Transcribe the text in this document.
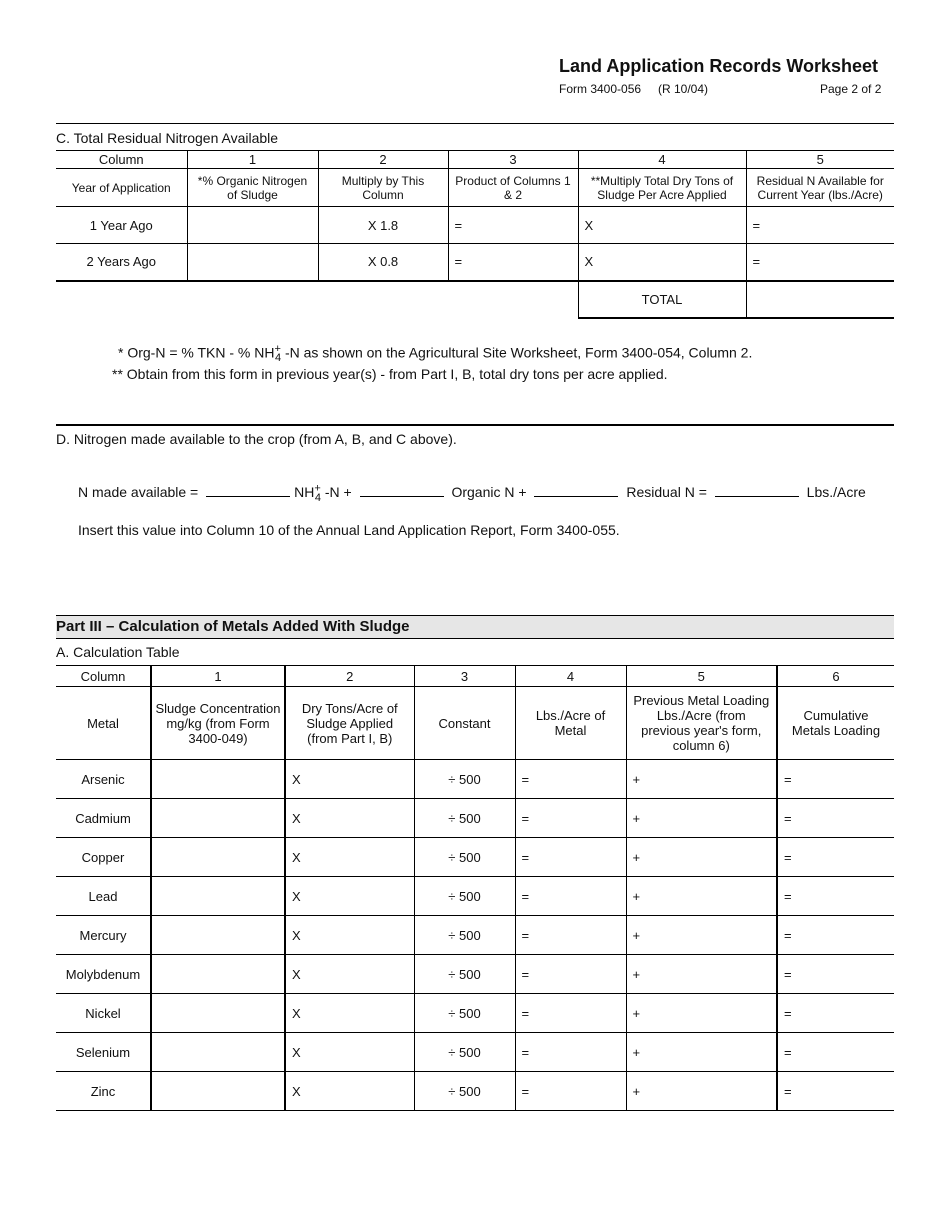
Land Application Records Worksheet
Form 3400-056 (R 10/04)	Page 2 of 2
C. Total Residual Nitrogen Available
Column	1	2	3	4	5
Year of Application	*% Organic Nitrogen of Sludge	Multiply by This Column	Product of Columns 1 & 2	**Multiply Total Dry Tons of Sludge Per Acre Applied	Residual N Available for Current Year (lbs./Acre)
1 Year Ago		X 1.8	=	X	=
2 Years Ago		X 0.8	=	X	=
				TOTAL	
* Org-N = % TKN - % $NH^+_4$ -N as shown on the Agricultural Site Worksheet, Form 3400-054, Column 2.
** Obtain from this form in previous year(s) - from Part I, B, total dry tons per acre applied.
D. Nitrogen made available to the crop (from A, B, and C above).
N made available =	$NH^+_4$ -N +	Organic N +	Residual N =	Lbs./Acre
Insert this value into Column 10 of the Annual Land Application Report, Form 3400-055.
Part III – Calculation of Metals Added With Sludge
A. Calculation Table
Column	1	2	3	4	5	6
Metal	Sludge Concentration mg/kg (from Form 3400-049)	Dry Tons/Acre of Sludge Applied (from Part I, B)	Constant	Lbs./Acre of Metal	Previous Metal Loading Lbs./Acre (from previous year's form, column 6)	Cumulative Metals Loading
Arsenic		X	÷ 500	=	+	=
Cadmium		X	÷ 500	=	+	=
Copper		X	÷ 500	=	+	=
Lead		X	÷ 500	=	+	=
Mercury		X	÷ 500	=	+	=
Molybdenum		X	÷ 500	=	+	=
Nickel		X	÷ 500	=	+	=
Selenium		X	÷ 500	=	+	=
Zinc		X	÷ 500	=	+	=
